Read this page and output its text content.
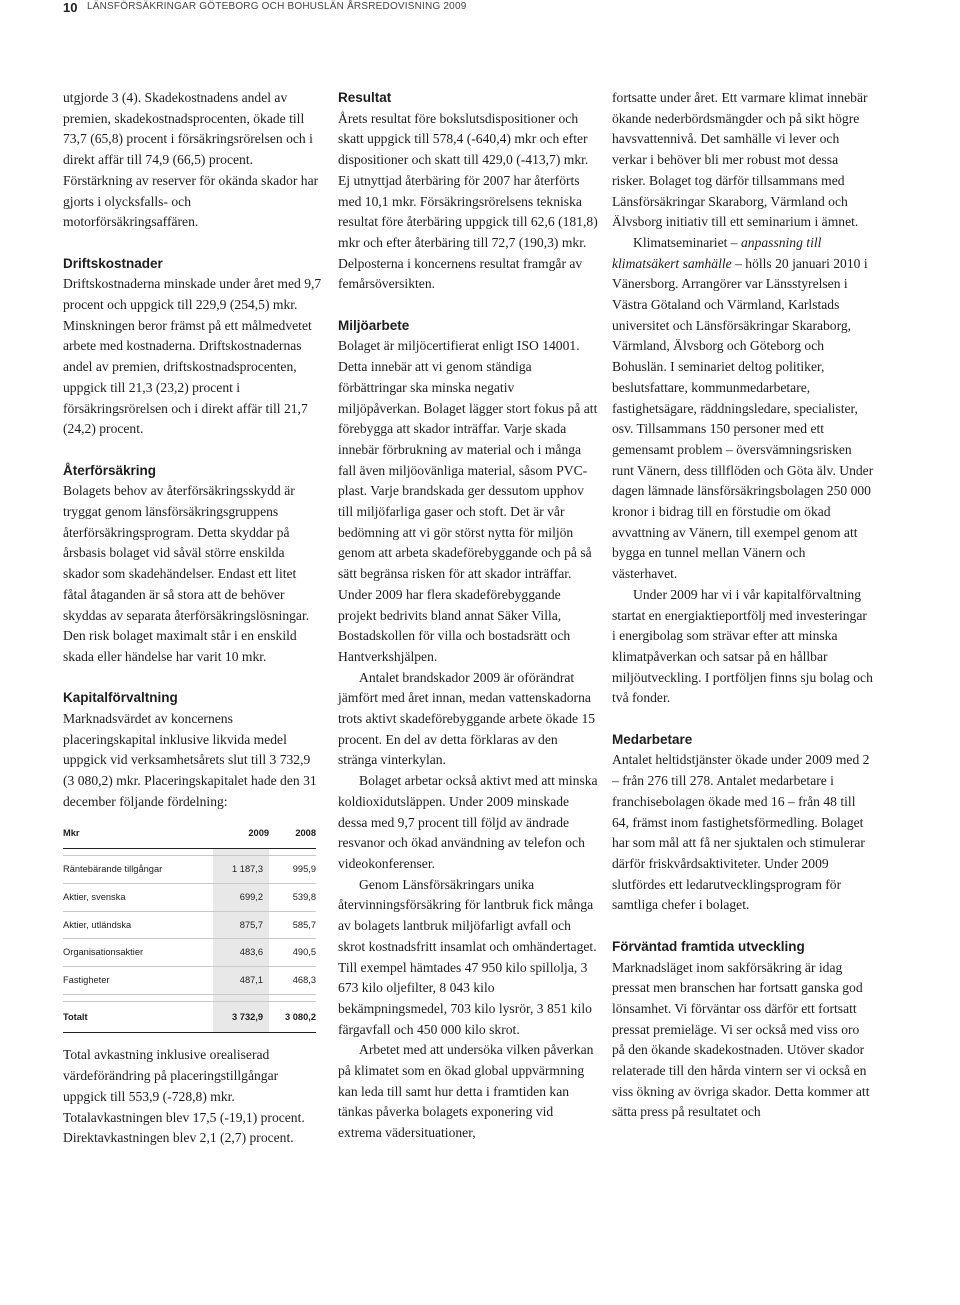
10 LÄNSFÖRSÄKRINGAR GÖTEBORG OCH BOHUSLÄN ÅRSREDOVISNING 2009

utgjorde 3 (4). Skadekostnadens andel av premien, skadekostnadsprocenten, ökade till 73,7 (65,8) procent i försäkringsrörelsen och i direkt affär till 74,9 (66,5) procent. Förstärkning av reserver för okända skador har gjorts i olycksfalls- och motorförsäkringsaffären.

Driftskostnader

Driftskostnaderna minskade under året med 9,7 procent och uppgick till 229,9 (254,5) mkr. Minskningen beror främst på ett målmedvetet arbete med kostnaderna. Driftskostnadernas andel av premien, driftskostnadsprocenten, uppgick till 21,3 (23,2) procent i försäkringsrörelsen och i direkt affär till 21,7 (24,2) procent.

Återförsäkring

Bolagets behov av återförsäkringsskydd är tryggat genom länsförsäkringsgruppens återförsäkringsprogram. Detta skyddar på årsbasis bolaget vid såväl större enskilda skador som skadehändelser. Endast ett litet fåtal åtaganden är så stora att de behöver skyddas av separata återförsäkringslösningar. Den risk bolaget maximalt står i en enskild skada eller händelse har varit 10 mkr.

Kapitalförvaltning

Marknadsvärdet av koncernens placeringskapital inklusive likvida medel uppgick vid verksamhetsårets slut till 3 732,9 (3 080,2) mkr. Placeringskapitalet hade den 31 december följande fördelning:

Mkr	2009	2008

Räntebärande tillgångar	1 187,3	995,9
Aktier, svenska	699,2	539,8
Aktier, utländska	875,7	585,7
Organisationsaktier	483,6	490,5
Fastigheter	487,1	468,3

Totalt	3 732,9	3 080,2

Total avkastning inklusive orealiserad värdeförändring på placeringstillgångar uppgick till 553,9 (-728,8) mkr. Totalavkastningen blev 17,5 (-19,1) procent. Direktavkastningen blev 2,1 (2,7) procent.

Resultat

Årets resultat före bokslutsdispositioner och skatt uppgick till 578,4 (-640,4) mkr och efter dispositioner och skatt till 429,0 (-413,7) mkr. Ej utnyttjad återbäring för 2007 har återförts med 10,1 mkr. Försäkringsrörelsens tekniska resultat före återbäring uppgick till 62,6 (181,8) mkr och efter återbäring till 72,7 (190,3) mkr. Delposterna i koncernens resultat framgår av femårsöversikten.

Miljöarbete

Bolaget är miljöcertifierat enligt ISO 14001. Detta innebär att vi genom ständiga förbättringar ska minska negativ miljöpåverkan. Bolaget lägger stort fokus på att förebygga att skador inträffar. Varje skada innebär förbrukning av material och i många fall även miljöovänliga material, såsom PVC-plast. Varje brandskada ger dessutom upphov till miljöfarliga gaser och stoft. Det är vår bedömning att vi gör störst nytta för miljön genom att arbeta skadeförebyggande och på så sätt begränsa risken för att skador inträffar. Under 2009 har flera skadeförebyggande projekt bedrivits bland annat Säker Villa, Bostadskollen för villa och bostadsrätt och Hantverkshjälpen.

Antalet brandskador 2009 är oförändrat jämfört med året innan, medan vattenskadorna trots aktivt skadeförebyggande arbete ökade 15 procent. En del av detta förklaras av den stränga vinterkylan.

Bolaget arbetar också aktivt med att minska koldioxidutsläppen. Under 2009 minskade dessa med 9,7 procent till följd av ändrade resvanor och ökad användning av telefon och videokonferenser.

Genom Länsförsäkringars unika återvinningsförsäkring för lantbruk fick många av bolagets lantbruk miljöfarligt avfall och skrot kostnadsfritt insamlat och omhändertaget. Till exempel hämtades 47 950 kilo spillolja, 3 673 kilo oljefilter, 8 043 kilo bekämpningsmedel, 703 kilo lysrör, 3 851 kilo färgavfall och 450 000 kilo skrot.

Arbetet med att undersöka vilken påverkan på klimatet som en ökad global uppvärmning kan leda till samt hur detta i framtiden kan tänkas påverka bolagets exponering vid extrema vädersituationer,

fortsatte under året. Ett varmare klimat innebär ökande nederbördsmängder och på sikt högre havsvattennivå. Det samhälle vi lever och verkar i behöver bli mer robust mot dessa risker. Bolaget tog därför tillsammans med Länsförsäkringar Skaraborg, Värmland och Älvsborg initiativ till ett seminarium i ämnet.

Klimatseminariet – anpassning till klimatsäkert samhälle – hölls 20 januari 2010 i Vänersborg. Arrangörer var Länsstyrelsen i Västra Götaland och Värmland, Karlstads universitet och Länsförsäkringar Skaraborg, Värmland, Älvsborg och Göteborg och Bohuslän. I seminariet deltog politiker, beslutsfattare, kommunmedarbetare, fastighetsägare, räddningsledare, specialister, osv. Tillsammans 150 personer med ett gemensamt problem – översvämningsrisken runt Vänern, dess tillflöden och Göta älv. Under dagen lämnade länsförsäkringsbolagen 250 000 kronor i bidrag till en förstudie om ökad avvattning av Vänern, till exempel genom att bygga en tunnel mellan Vänern och västerhavet.

Under 2009 har vi i vår kapitalförvaltning startat en energiaktieportfölj med investeringar i energibolag som strävar efter att minska klimatpåverkan och satsar på en hållbar miljöutveckling. I portföljen finns sju bolag och två fonder.

Medarbetare

Antalet heltidstjänster ökade under 2009 med 2 – från 276 till 278. Antalet medarbetare i franchisebolagen ökade med 16 – från 48 till 64, främst inom fastighetsförmedling. Bolaget har som mål att få ner sjuktalen och stimulerar därför friskvårdsaktiviteter. Under 2009 slutfördes ett ledarutvecklingsprogram för samtliga chefer i bolaget.

Förväntad framtida utveckling

Marknadsläget inom sakförsäkring är idag pressat men branschen har fortsatt ganska god lönsamhet. Vi förväntar oss därför ett fortsatt pressat premieläge. Vi ser också med viss oro på den ökande skadekostnaden. Utöver skador relaterade till den hårda vintern ser vi också en viss ökning av övriga skador. Detta kommer att sätta press på resultatet och
